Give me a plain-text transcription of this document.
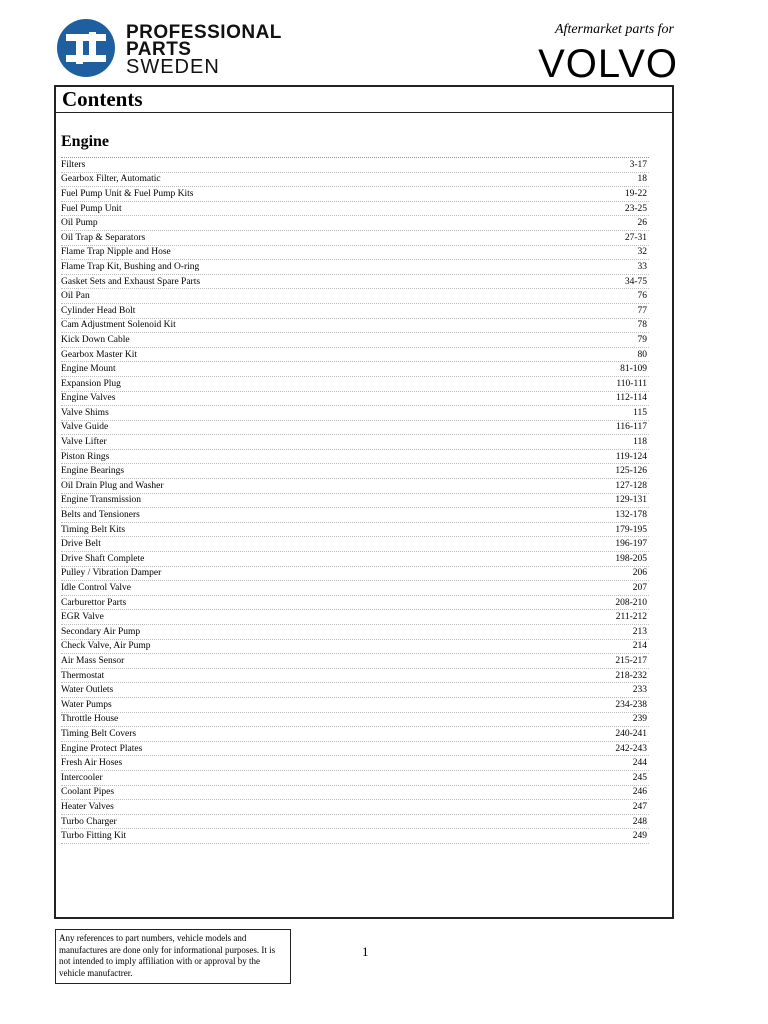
PROFESSIONAL
PARTS
SWEDEN
Aftermarket parts for
VOLVO
Contents
Engine
Filters	3-17
Gearbox Filter, Automatic	18
Fuel Pump Unit & Fuel Pump Kits	19-22
Fuel Pump Unit	23-25
Oil Pump	26
Oil Trap & Separators	27-31
Flame Trap Nipple and Hose	32
Flame Trap Kit, Bushing and O-ring	33
Gasket Sets and Exhaust Spare Parts	34-75
Oil Pan	76
Cylinder Head Bolt	77
Cam Adjustment Solenoid Kit	78
Kick Down Cable	79
Gearbox Master Kit	80
Engine Mount	81-109
Expansion Plug	110-111
Engine Valves	112-114
Valve Shims	115
Valve Guide	116-117
Valve Lifter	118
Piston Rings	119-124
Engine Bearings	125-126
Oil Drain Plug and Washer	127-128
Engine Transmission	129-131
Belts and Tensioners	132-178
Timing Belt Kits	179-195
Drive Belt	196-197
Drive Shaft Complete	198-205
Pulley / Vibration Damper	206
Idle Control Valve	207
Carburettor Parts	208-210
EGR Valve	211-212
Secondary Air Pump	213
Check Valve, Air Pump	214
Air Mass Sensor	215-217
Thermostat	218-232
Water Outlets	233
Water Pumps	234-238
Throttle House	239
Timing Belt Covers	240-241
Engine Protect Plates	242-243
Fresh Air Hoses	244
Intercooler	245
Coolant Pipes	246
Heater Valves	247
Turbo Charger	248
Turbo Fitting Kit	249
Any references to part numbers, vehicle models and manufactures are done only for informational purposes. It is not intended to imply affiliation with or approval by the vehicle manufactrer.
1
